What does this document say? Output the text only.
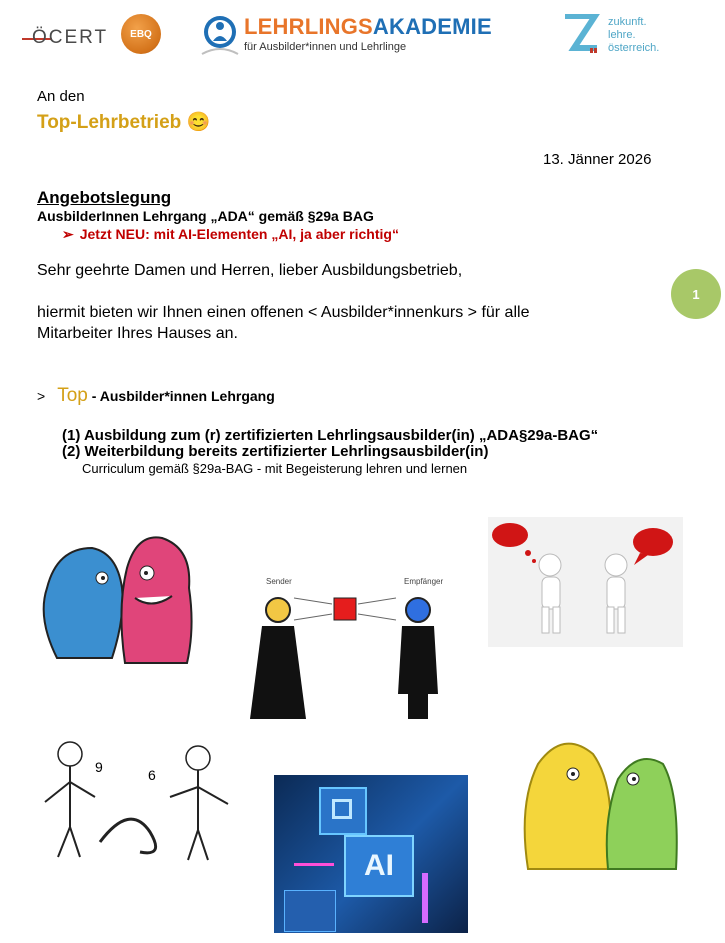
ÖCERT EBQ	LEHRLINGSAKADEMIE
für Ausbilder*innen und Lehrlinge
zukunft.
lehre.
österreich.
An den
Top-Lehrbetrieb 😊
13. Jänner 2026
Angebotslegung
AusbilderInnen Lehrgang „ADA“ gemäß §29a BAG
➢ Jetzt NEU: mit AI-Elementen „AI, ja aber richtig“
Sehr geehrte Damen und Herren, lieber Ausbildungsbetrieb,
hiermit bieten wir Ihnen einen offenen < Ausbilder*innenkurs > für alle
Mitarbeiter Ihres Hauses an.
1
> Top - Ausbilder*innen Lehrgang
(1) Ausbildung zum (r) zertifizierten Lehrlingsausbilder(in) „ADA§29a-BAG“
(2) Weiterbildung bereits zertifizierter Lehrlingsausbilder(in)
Curriculum gemäß §29a-BAG - mit Begeisterung lehren und lernen
Sender	Empfänger
9	6
AI
